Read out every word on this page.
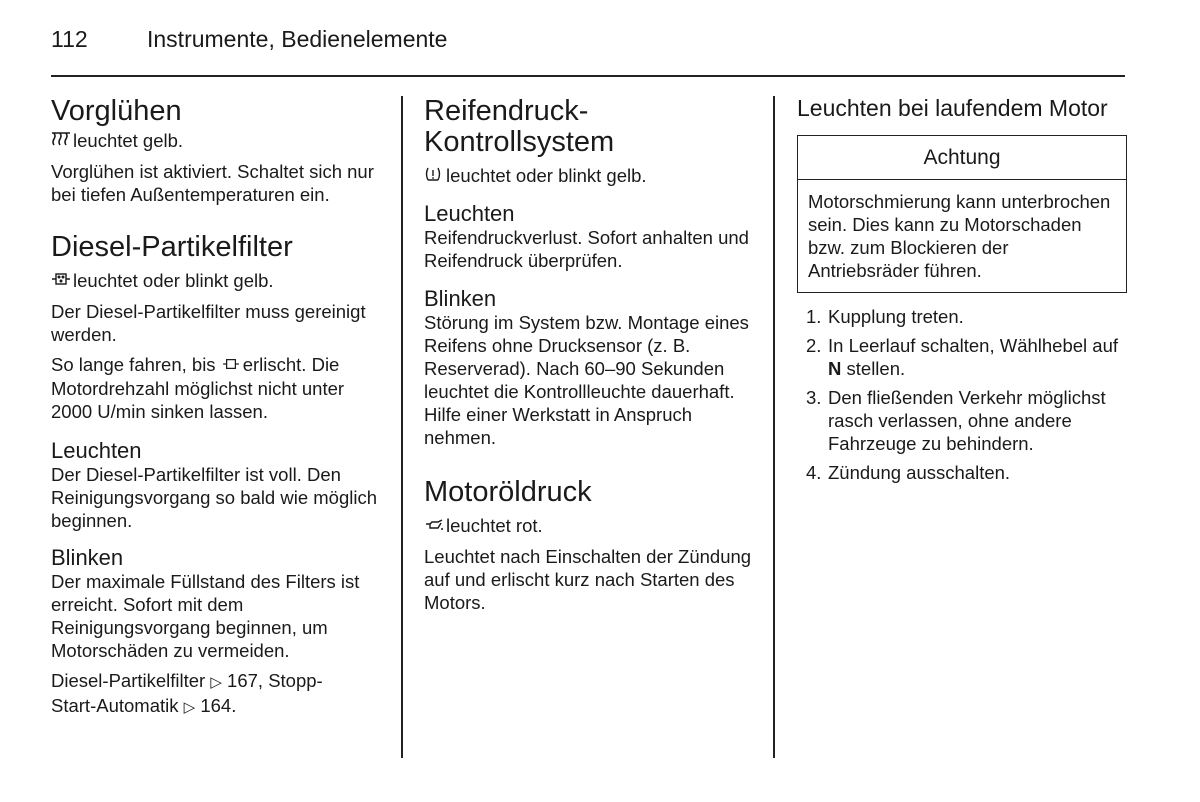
112	Instrumente, Bedienelemente
Vorglühen
leuchtet gelb.
Vorglühen ist aktiviert. Schaltet sich nur bei tiefen Außentemperaturen ein.
Diesel-Partikelfilter
leuchtet oder blinkt gelb.
Der Diesel-Partikelfilter muss gereinigt werden.
So lange fahren, bis erlischt. Die Motordrehzahl möglichst nicht unter 2000 U/min sinken lassen.
Leuchten
Der Diesel-Partikelfilter ist voll. Den Reinigungsvorgang so bald wie möglich beginnen.
Blinken
Der maximale Füllstand des Filters ist erreicht. Sofort mit dem Reinigungsvorgang beginnen, um Motorschäden zu vermeiden.
Diesel-Partikelfilter ▷ 167, Stopp-
Start-Automatik ▷ 164.
Reifendruck-
Kontrollsystem
leuchtet oder blinkt gelb.
Leuchten
Reifendruckverlust. Sofort anhalten und Reifendruck überprüfen.
Blinken
Störung im System bzw. Montage eines Reifens ohne Drucksensor (z. B. Reserverad). Nach 60–90 Sekunden leuchtet die Kontrollleuchte dauerhaft. Hilfe einer Werkstatt in Anspruch nehmen.
Motoröldruck
leuchtet rot.
Leuchtet nach Einschalten der Zündung auf und erlischt kurz nach Starten des Motors.
Leuchten bei laufendem Motor
Achtung
Motorschmierung kann unterbrochen sein. Dies kann zu Motorschaden bzw. zum Blockieren der Antriebsräder führen.
1. Kupplung treten.
2. In Leerlauf schalten, Wählhebel auf N stellen.
3. Den fließenden Verkehr möglichst rasch verlassen, ohne andere Fahrzeuge zu behindern.
4. Zündung ausschalten.
